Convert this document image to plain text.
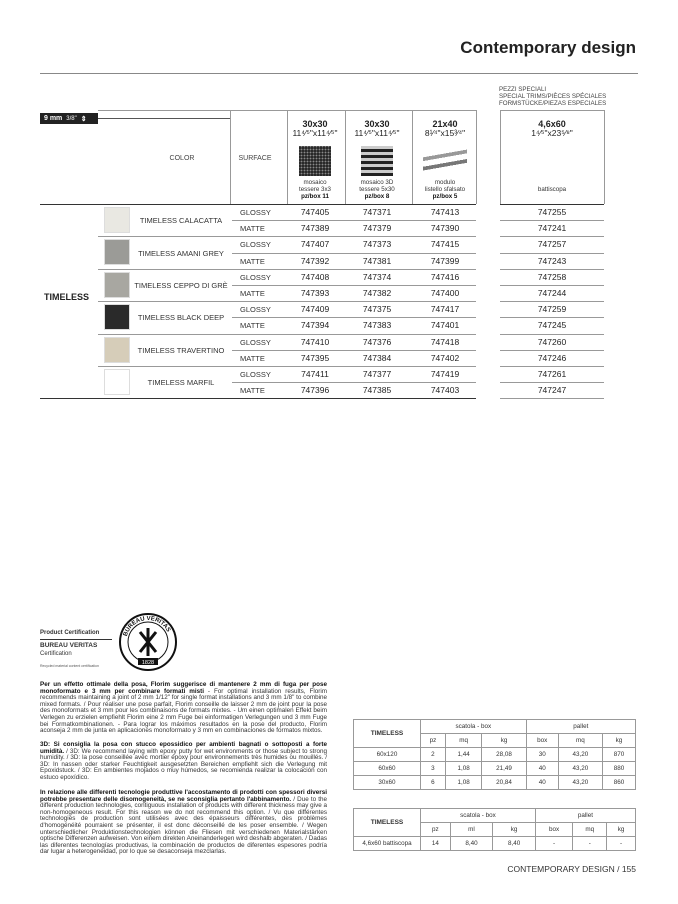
Contemporary design
PEZZI SPECIALI
SPECIAL TRIMS/PIÈCES SPÉCIALES
FORMSTÜCKE/PIEZAS ESPECIALES
9 mm 3/8" ⇕
COLOR	SURFACE
30x30
11⁴⁄⁵"x11⁴⁄⁵"
mosaico
tessere 3x3
pz/box 11
30x30
11⁴⁄⁵"x11⁴⁄⁵"
mosaico 3D
tessere 5x30
pz/box 8
21x40
8¹⁄⁴"x15³⁄⁴"
modulo
listello sfalsato
pz/box 5
4,6x60
1⁴⁄⁵"x23⁵⁄⁸"
battiscopa
TIMELESS CALACATTA
GLOSSY	747405	747371	747413	747255
MATTE	747389	747379	747390	747241
TIMELESS AMANI GREY
GLOSSY	747407	747373	747415	747257
MATTE	747392	747381	747399	747243
TIMELESS CEPPO DI GRÈ
GLOSSY	747408	747374	747416	747258
MATTE	747393	747382	747400	747244
TIMELESS BLACK DEEP
GLOSSY	747409	747375	747417	747259
MATTE	747394	747383	747401	747245
TIMELESS TRAVERTINO
GLOSSY	747410	747376	747418	747260
MATTE	747395	747384	747402	747246
TIMELESS MARFIL
GLOSSY	747411	747377	747419	747261
MATTE	747396	747385	747403	747247
TIMELESS
Product Certification
BUREAU VERITAS
Certification
Recycled material content certification
BUREAU VERITAS
1828
Per un effetto ottimale della posa, Florim suggerisce di mantenere 2 mm di fuga per pose monoformato e 3 mm per combinare formati misti - For optimal installation results, Florim recommends maintaining a joint of 2 mm 1/12" for single format installations and 3 mm 1/8" to combine mixed formats. / Pour réaliser une pose parfait, Florim conseille de laisser 2 mm de joint pour la pose des monoformats et 3 mm pour les combinaisons de formats mixtes. - Um einen optimalen Effekt beim Verlegen zu erzielen empfiehlt Florim eine 2 mm Fuge bei einformatigen Verlegungen und 3 mm Fuge bei Formatkombinationen. - Para lograr los máximos resultados en la pose del producto, Florim aconseja 2 mm de junta en aplicaciones monoformato y 3 mm en combinaciones de formatos mixtos.
3D: Si consiglia la posa con stucco epossidico per ambienti bagnati o sottoposti a forte umidità. / 3D: We recommend laying with epoxy putty for wet environments or those subject to strong humidity. / 3D: la pose conseillée avec mortier époxy pour environnements très humides ou mouillés. / 3D: In nassen oder starker Feuchtigkeit ausgesetzten Bereichen empfiehlt sich die Verlegung mit Epoxidstuck. / 3D: En ambientes mojados o muy húmedos, se recomienda realizar la colocación con estuco epoxídico.
In relazione alle differenti tecnologie produttive l'accostamento di prodotti con spessori diversi potrebbe presentare delle disomogeneità, se ne sconsiglia pertanto l'abbinamento. / Due to the different production technologies, contiguous installation of products with different thickness may give a non-homogeneous result. For this reason we do not recommend this option. / Vu que différentes technologies de production sont utilisées avec des épaisseurs différentes, des problèmes d'homogénéité pourraient se présenter, il est donc déconseillé de les poser ensemble. / Wegen unterschiedlicher Produktionstechnologien können die Fliesen mit verschiedenen Materialstärken optische Differenzen aufweisen. Von einem direkten Aneinanderlegen wird deshalb abgeraten. / Dadas las diferentes tecnologías productivas, la combinación de productos de diferentes espesores podría dar lugar a heterogeneidad, por lo que se desaconseja mezclarlas.
TIMELESS	scatola - box			pallet		
	pz	mq	kg	box	mq	kg
60x120	2	1,44	28,08	30	43,20	870
60x60	3	1,08	21,49	40	43,20	880
30x60	6	1,08	20,84	40	43,20	860
TIMELESS	scatola - box			pallet		
	pz	ml	kg	box	mq	kg
4,6x60 battiscopa	14	8,40	8,40	-	-	-
CONTEMPORARY DESIGN / 155
